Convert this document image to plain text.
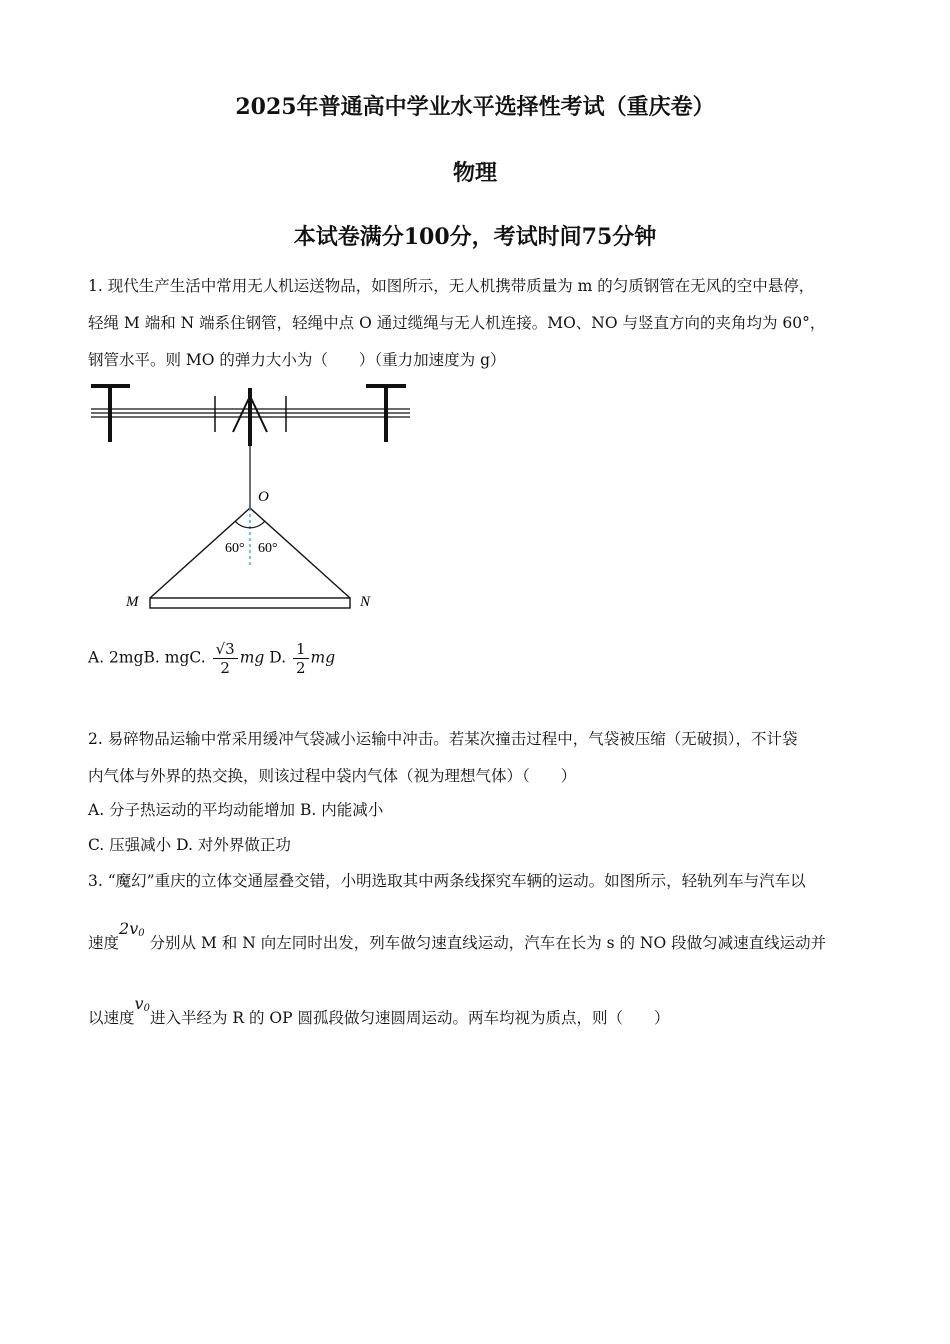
2025年普通高中学业水平选择性考试（重庆卷）
物理
本试卷满分100分，考试时间75分钟
1. 现代生产生活中常用无人机运送物品，如图所示，无人机携带质量为 m 的匀质钢管在无风的空中悬停，
轻绳 M 端和 N 端系住钢管，轻绳中点 O 通过缆绳与无人机连接。MO、NO 与竖直方向的夹角均为 60°，
钢管水平。则 MO 的弹力大小为（　　）（重力加速度为 g）
O
60° 60°
M	N
A. 2mgB. mgC. $\frac{√3}{2}$ mg D. $\frac{1}{2}$ mg
2. 易碎物品运输中常采用缓冲气袋减小运输中冲击。若某次撞击过程中，气袋被压缩（无破损），不计袋
内气体与外界的热交换，则该过程中袋内气体（视为理想气体）（　　）
A. 分子热运动的平均动能增加 B. 内能减小
C. 压强减小 D. 对外界做正功
3. “魔幻”重庆的立体交通屋叠交错，小明选取其中两条线探究车辆的运动。如图所示，轻轨列车与汽车以
速度$2v_0$ 分别从 M 和 N 向左同时出发，列车做匀速直线运动，汽车在长为 s 的 NO 段做匀减速直线运动并
以速度$v_0$进入半经为 R 的 OP 圆孤段做匀速圆周运动。两车均视为质点，则（　　）
